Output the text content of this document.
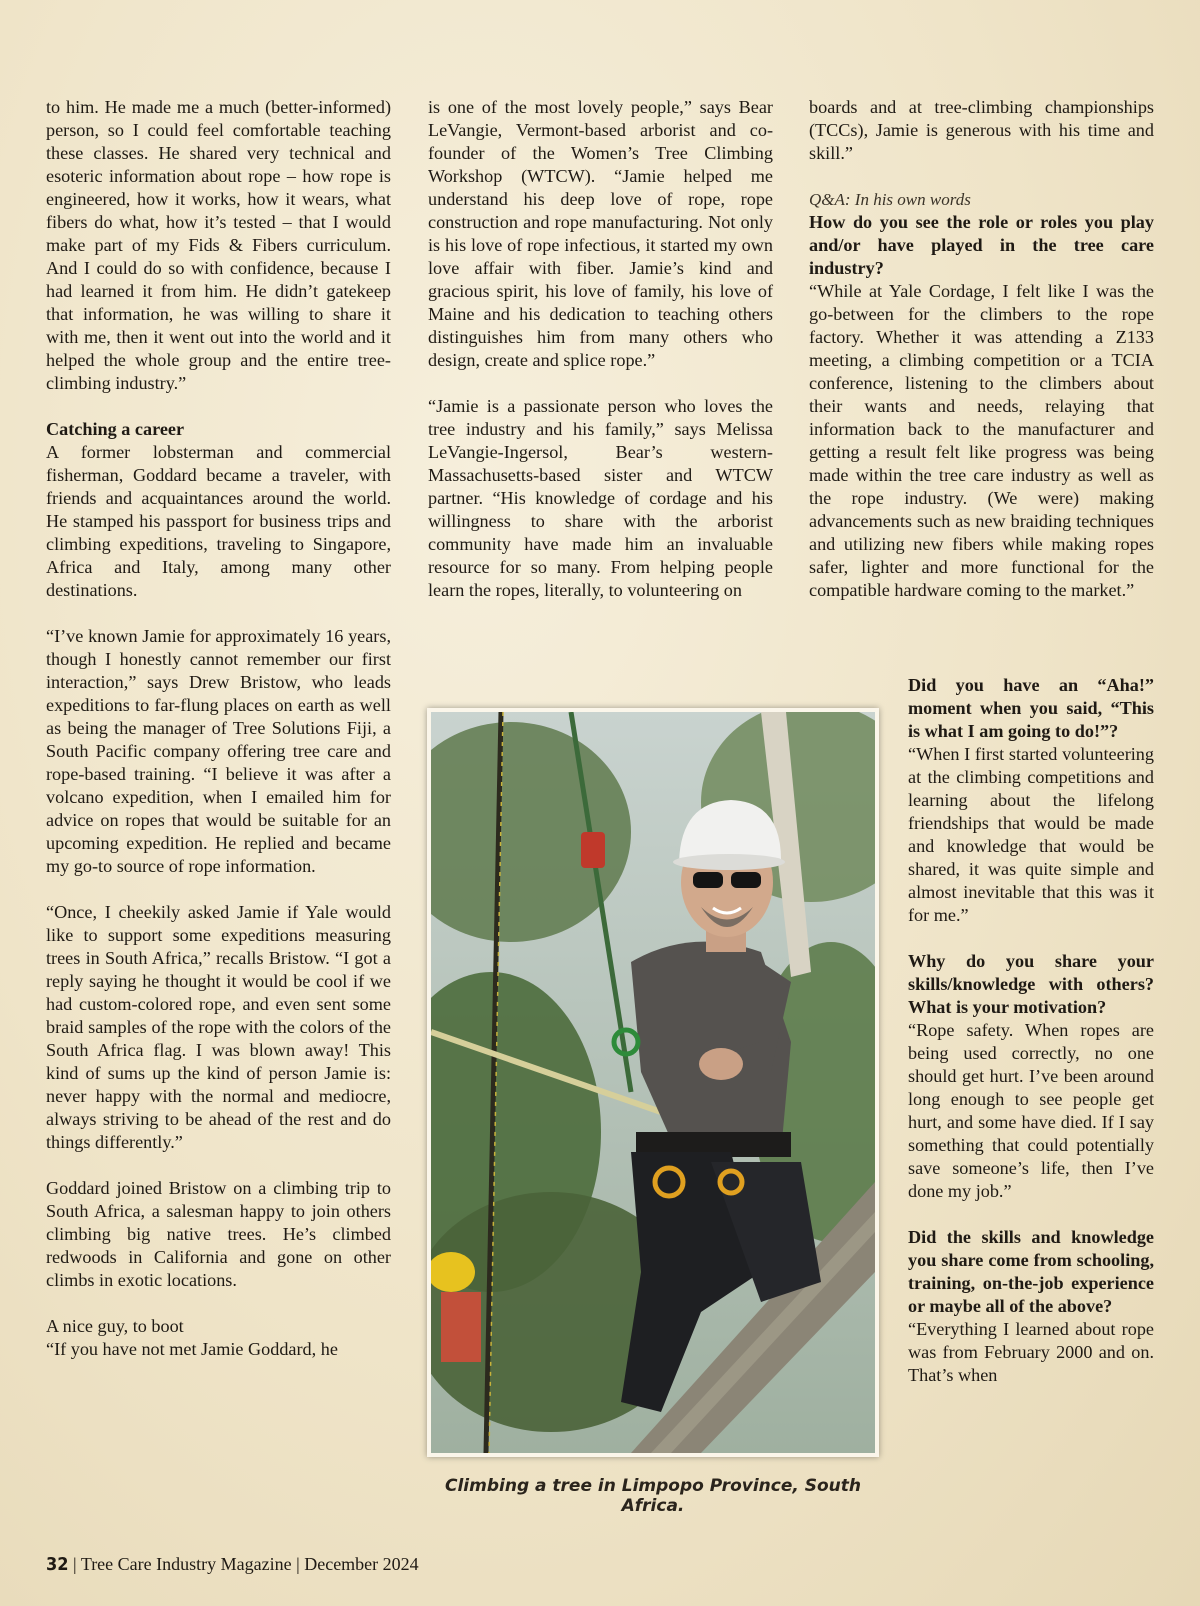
to him. He made me a much (better-informed) person, so I could feel comfortable teaching these classes. He shared very technical and esoteric information about rope – how rope is engineered, how it works, how it wears, what fibers do what, how it’s tested – that I would make part of my Fids & Fibers curriculum. And I could do so with confidence, because I had learned it from him. He didn’t gatekeep that information, he was willing to share it with me, then it went out into the world and it helped the whole group and the entire tree-climbing industry.”

Catching a career

A former lobsterman and commercial fisherman, Goddard became a traveler, with friends and acquaintances around the world. He stamped his passport for business trips and climbing expeditions, traveling to Singapore, Africa and Italy, among many other destinations.

“I’ve known Jamie for approximately 16 years, though I honestly cannot remember our first interaction,” says Drew Bristow, who leads expeditions to far-flung places on earth as well as being the manager of Tree Solutions Fiji, a South Pacific company offering tree care and rope-based training. “I believe it was after a volcano expedition, when I emailed him for advice on ropes that would be suitable for an upcoming expedition. He replied and became my go-to source of rope information.

“Once, I cheekily asked Jamie if Yale would like to support some expeditions measuring trees in South Africa,” recalls Bristow. “I got a reply saying he thought it would be cool if we had custom-colored rope, and even sent some braid samples of the rope with the colors of the South Africa flag. I was blown away! This kind of sums up the kind of person Jamie is: never happy with the normal and mediocre, always striving to be ahead of the rest and do things differently.”

Goddard joined Bristow on a climbing trip to South Africa, a salesman happy to join others climbing big native trees. He’s climbed redwoods in California and gone on other climbs in exotic locations.

A nice guy, to boot

“If you have not met Jamie Goddard, he

is one of the most lovely people,” says Bear LeVangie, Vermont-based arborist and co-founder of the Women’s Tree Climbing Workshop (WTCW). “Jamie helped me understand his deep love of rope, rope construction and rope manufacturing. Not only is his love of rope infectious, it started my own love affair with fiber. Jamie’s kind and gracious spirit, his love of family, his love of Maine and his dedication to teaching others distinguishes him from many others who design, create and splice rope.”

“Jamie is a passionate person who loves the tree industry and his family,” says Melissa LeVangie-Ingersol, Bear’s western-Massachusetts-based sister and WTCW partner. “His knowledge of cordage and his willingness to share with the arborist community have made him an invaluable resource for so many. From helping people learn the ropes, literally, to volunteering on

boards and at tree-climbing championships (TCCs), Jamie is generous with his time and skill.”

Q&A: In his own words
How do you see the role or roles you play and/or have played in the tree care industry?

“While at Yale Cordage, I felt like I was the go-between for the climbers to the rope factory. Whether it was attending a Z133 meeting, a climbing competition or a TCIA conference, listening to the climbers about their wants and needs, relaying that information back to the manufacturer and getting a result felt like progress was being made within the tree care industry as well as the rope industry. (We were) making advancements such as new braiding techniques and utilizing new fibers while making ropes safer, lighter and more functional for the compatible hardware coming to the market.”

Did you have an “Aha!” moment when you said, “This is what I am going to do!”?

“When I first started volunteering at the climbing competitions and learning about the lifelong friendships that would be made and knowledge that would be shared, it was quite simple and almost inevitable that this was it for me.”

Why do you share your skills/knowledge with others? What is your motivation?

“Rope safety. When ropes are being used correctly, no one should get hurt. I’ve been around long enough to see people get hurt, and some have died. If I say something that could potentially save someone’s life, then I’ve done my job.”

Did the skills and knowledge you share come from schooling, training, on-the-job experience or maybe all of the above?

“Everything I learned about rope was from February 2000 and on. That’s when

Climbing a tree in Limpopo Province, South Africa.
32 | Tree Care Industry Magazine | December 2024
